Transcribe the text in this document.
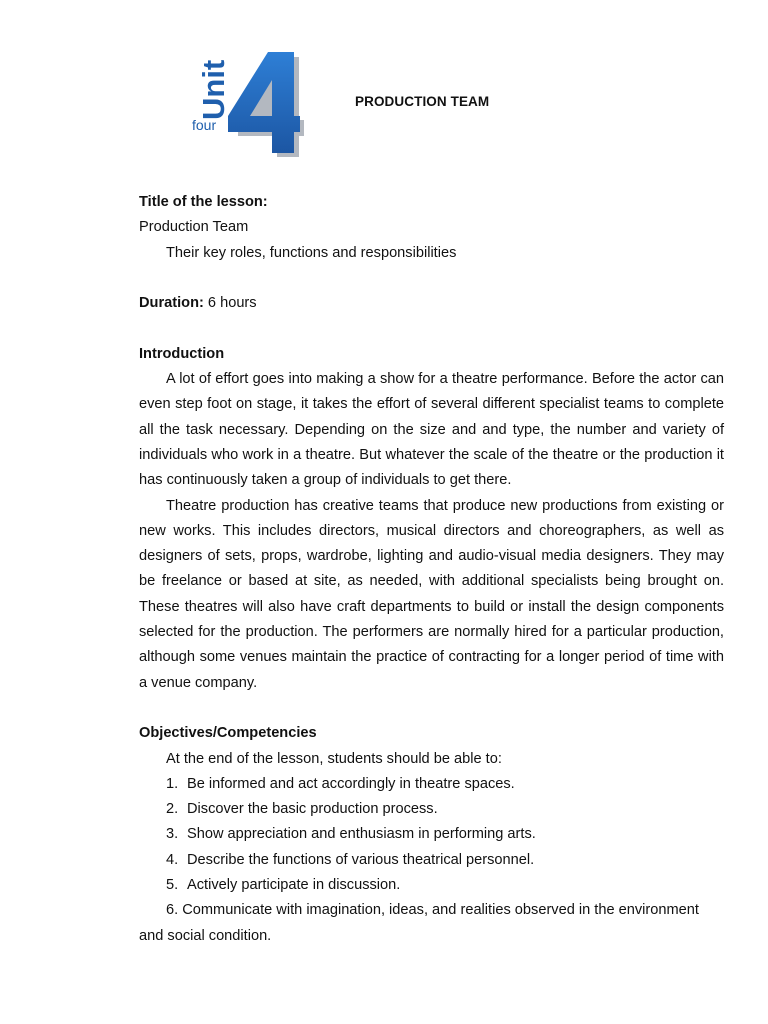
Unit
four
PRODUCTION TEAM

Title of the lesson:

Production Team

Their key roles, functions and responsibilities

Duration: 6 hours

Introduction

A lot of effort goes into making a show for a theatre performance. Before the actor can even step foot on stage, it takes the effort of several different specialist teams to complete all the task necessary. Depending on the size and and type, the number and variety of individuals who work in a theatre. But whatever the scale of the theatre or the production it has continuously taken a group of individuals to get there.

Theatre production has creative teams that produce new productions from existing or new works. This includes directors, musical directors and choreographers, as well as designers of sets, props, wardrobe, lighting and audio-visual media designers. They may be freelance or based at site, as needed, with additional specialists being brought on. These theatres will also have craft departments to build or install the design components selected for the production. The performers are normally hired for a particular production, although some venues maintain the practice of contracting for a longer period of time with a venue company.

Objectives/Competencies

At the end of the lesson, students should be able to:

1. Be informed and act accordingly in theatre spaces.
2. Discover the basic production process.
3. Show appreciation and enthusiasm in performing arts.
4. Describe the functions of various theatrical personnel.
5. Actively participate in discussion.

6. Communicate with imagination, ideas, and realities observed in the environment and social condition.
